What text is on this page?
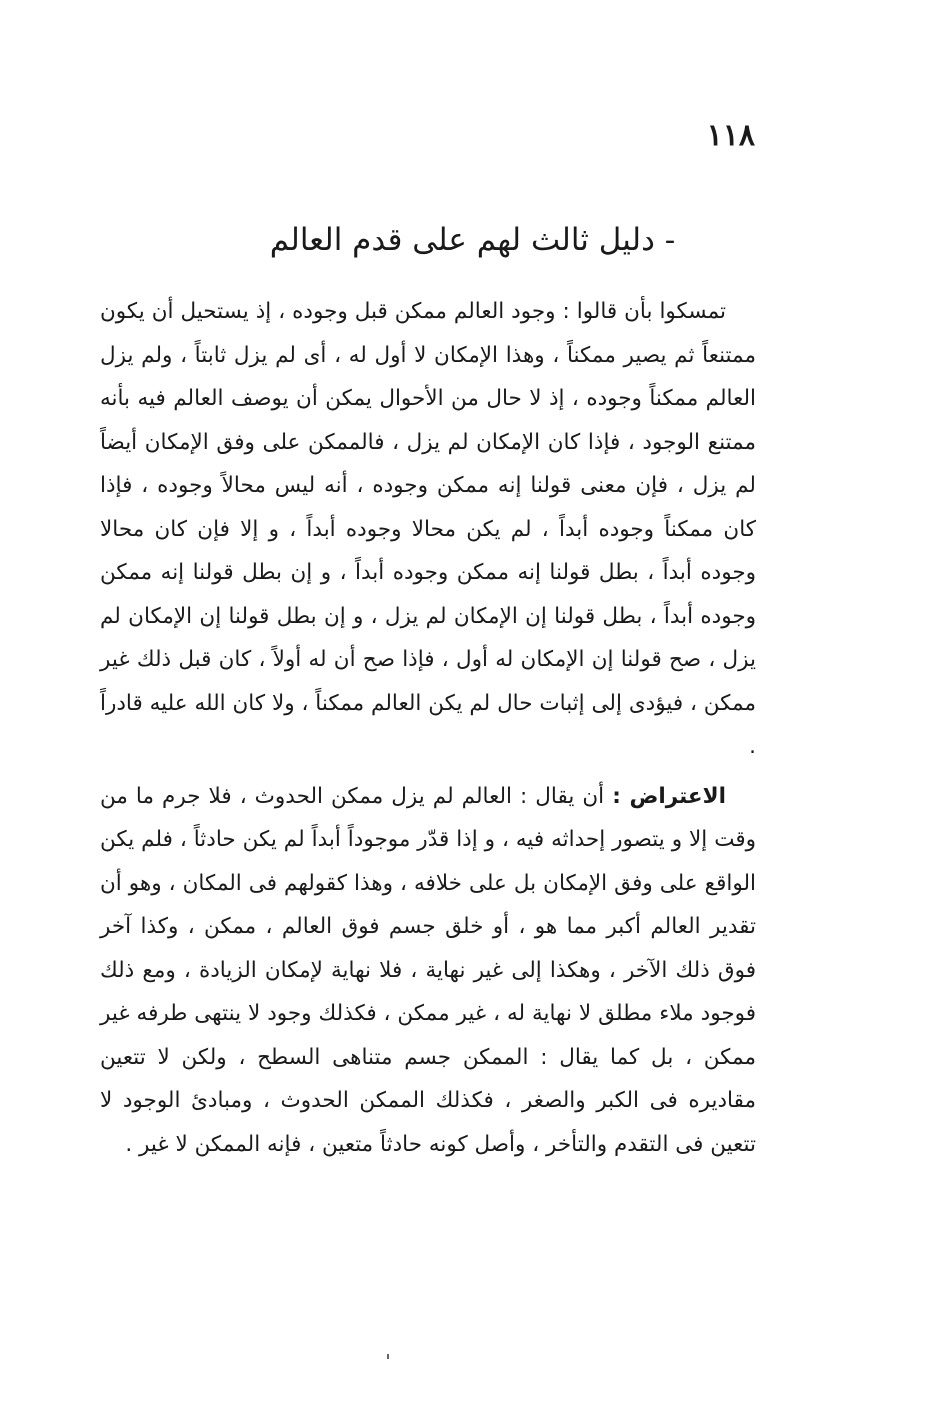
١١٨
- دليل ثالث لهم على قدم العالم

تمسكوا بأن قالوا : وجود العالم ممكن قبل وجوده ، إذ يستحيل أن يكون ممتنعاً ثم يصير ممكناً ، وهذا الإمكان لا أول له ، أى لم يزل ثابتاً ، ولم يزل العالم ممكناً وجوده ، إذ لا حال من الأحوال يمكن أن يوصف العالم فيه بأنه ممتنع الوجود ، فإذا كان الإمكان لم يزل ، فالممكن على وفق الإمكان أيضاً لم يزل ، فإن معنى قولنا إنه ممكن وجوده ، أنه ليس محالاً وجوده ، فإذا كان ممكناً وجوده أبداً ، لم يكن محالا وجوده أبداً ، و إلا فإن كان محالا وجوده أبداً ، بطل قولنا إنه ممكن وجوده أبداً ، و إن بطل قولنا إنه ممكن وجوده أبداً ، بطل قولنا إن الإمكان لم يزل ، و إن بطل قولنا إن الإمكان لم يزل ، صح قولنا إن الإمكان له أول ، فإذا صح أن له أولاً ، كان قبل ذلك غير ممكن ، فيؤدى إلى إثبات حال لم يكن العالم ممكناً ، ولا كان الله عليه قادراً .

الاعتراض : أن يقال : العالم لم يزل ممكن الحدوث ، فلا جرم ما من وقت إلا و يتصور إحداثه فيه ، و إذا قدّر موجوداً أبداً لم يكن حادثاً ، فلم يكن الواقع على وفق الإمكان بل على خلافه ، وهذا كقولهم فى المكان ، وهو أن تقدير العالم أكبر مما هو ، أو خلق جسم فوق العالم ، ممكن ، وكذا آخر فوق ذلك الآخر ، وهكذا إلى غير نهاية ، فلا نهاية لإمكان الزيادة ، ومع ذلك فوجود ملاء مطلق لا نهاية له ، غير ممكن ، فكذلك وجود لا ينتهى طرفه غير ممكن ، بل كما يقال : الممكن جسم متناهى السطح ، ولكن لا تتعين مقاديره فى الكبر والصغر ، فكذلك الممكن الحدوث ، ومبادئ الوجود لا تتعين فى التقدم والتأخر ، وأصل كونه حادثاً متعين ، فإنه الممكن لا غير .
